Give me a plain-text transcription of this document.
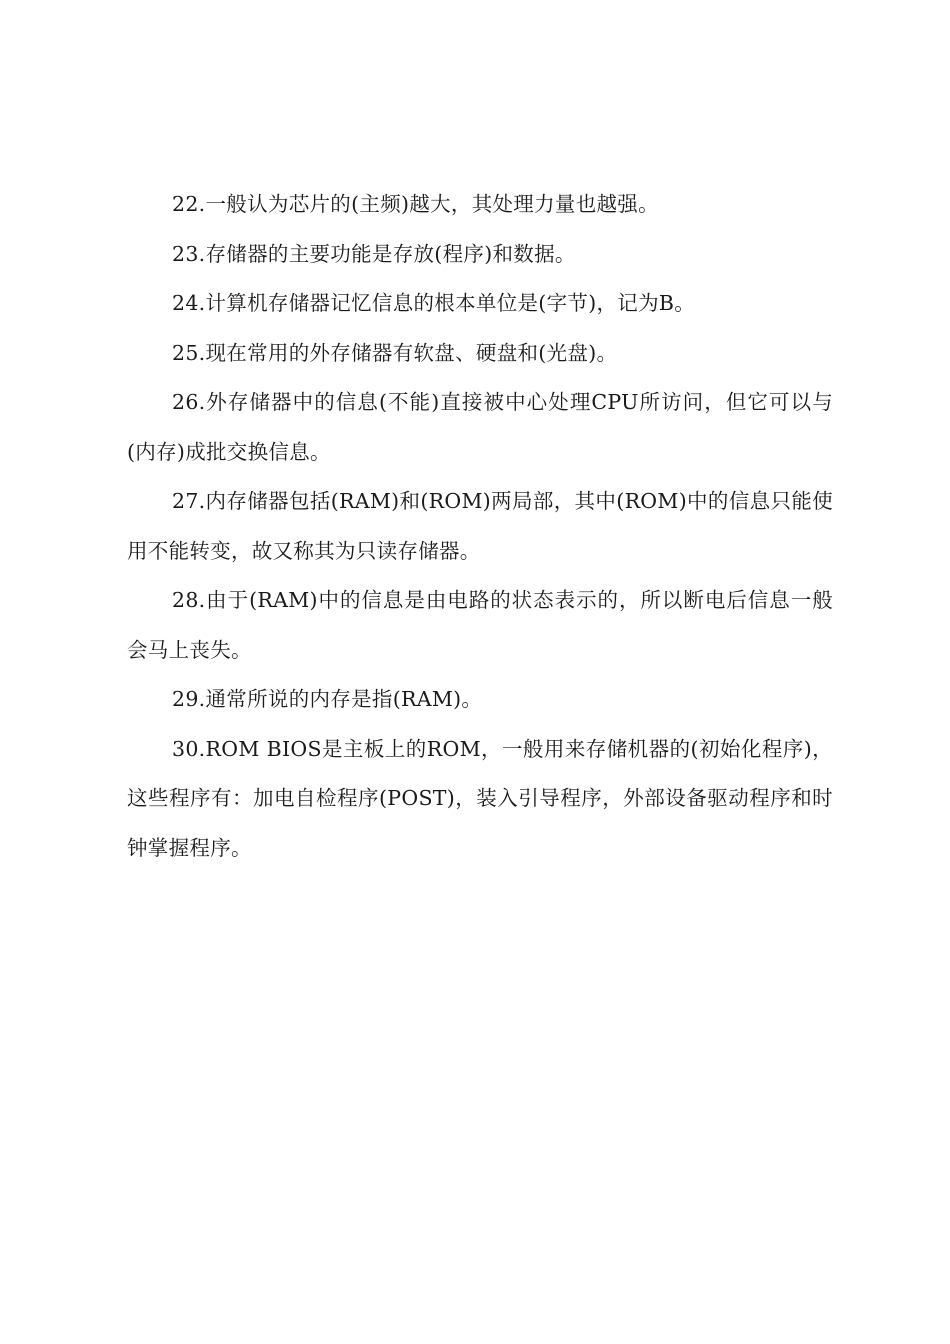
22.一般认为芯片的(主频)越大，其处理力量也越强。

23.存储器的主要功能是存放(程序)和数据。

24.计算机存储器记忆信息的根本单位是(字节)，记为B。

25.现在常用的外存储器有软盘、硬盘和(光盘)。

26.外存储器中的信息(不能)直接被中心处理CPU所访问，但它可以与(内存)成批交换信息。

27.内存储器包括(RAM)和(ROM)两局部，其中(ROM)中的信息只能使用不能转变，故又称其为只读存储器。

28.由于(RAM)中的信息是由电路的状态表示的，所以断电后信息一般会马上丧失。

29.通常所说的内存是指(RAM)。

30.ROM BIOS是主板上的ROM，一般用来存储机器的(初始化程序)，这些程序有：加电自检程序(POST)，装入引导程序，外部设备驱动程序和时钟掌握程序。
